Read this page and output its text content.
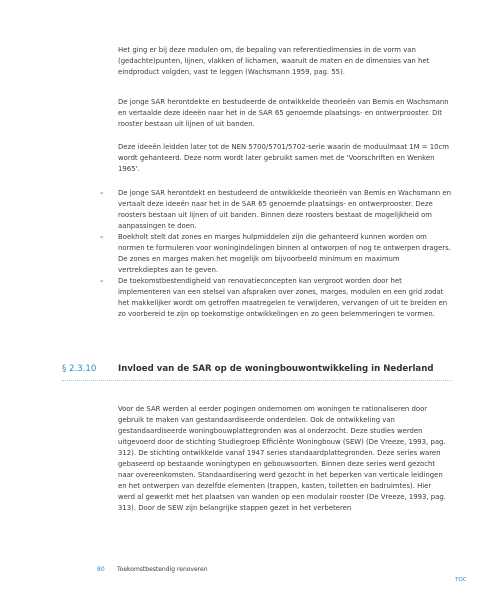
Het ging er bij deze modulen om, de bepaling van referentiedimensies in de vorm van (gedachte)punten, lijnen, vlakken of lichamen, waaruit de maten en de dimensies van het eindproduct volgden, vast te leggen (Wachsmann 1959, pag. 55).

De jonge SAR herontdekte en bestudeerde de ontwikkelde theorieën van Bemis en Wachsmann en vertaalde deze ideeën naar het in de SAR 65 genoemde plaatsings- en ontwerprooster. Dit rooster bestaan uit lijnen of uit banden.

Deze ideeën leidden later tot de NEN 5700/5701/5702-serie waarin de moduulmaat 1M = 10cm wordt gehanteerd. Deze norm wordt later gebruikt samen met de 'Voorschriften en Wenken 1965'.

– De jonge SAR herontdekt en bestudeerd de ontwikkelde theorieën van Bemis en Wachsmann en vertaalt deze ideeën naar het in de SAR 65 genoemde plaatsings- en ontwerprooster. Deze roosters bestaan uit lijnen of uit banden. Binnen deze roosters bestaat de mogelijkheid om aanpassingen te doen.
– Boekholt stelt dat zones en marges hulpmiddelen zijn die gehanteerd kunnen worden om normen te formuleren voor woningindelingen binnen al ontworpen of nog te ontwerpen dragers. De zones en marges maken het mogelijk om bijvoorbeeld minimum en maximum vertrekdieptes aan te geven.
– De toekomstbestendigheid van renovatieconcepten kan vergroot worden door het implementeren van een stelsel van afspraken over zones, marges, modulen en een grid zodat het makkelijker wordt om getroffen maatregelen te verwijderen, vervangen of uit te breiden en zo voorbereid te zijn op toekomstige ontwikkelingen en zo geen belemmeringen te vormen.
§ 2.3.10	Invloed van de SAR op de woningbouwontwikkeling in Nederland

Voor de SAR werden al eerder pogingen ondernomen om woningen te rationaliseren door gebruik te maken van gestandaardiseerde onderdelen. Ook de ontwikkeling van gestandaardiseerde woningbouwplattegronden was al onderzocht. Deze studies werden uitgevoerd door de stichting Studiegroep Efficiënte Woningbouw (SEW) (De Vreeze, 1993, pag. 312). De stichting ontwikkelde vanaf 1947 series standaardplattegronden. Deze series waren gebaseerd op bestaande woningtypen en gebouwsoorten. Binnen deze series werd gezocht naar overeenkomsten. Standaardisering werd gezocht in het beperken van verticale leidingen en het ontwerpen van dezelfde elementen (trappen, kasten, toiletten en badruimtes). Hier werd al gewerkt met het plaatsen van wanden op een modulair rooster (De Vreeze, 1993, pag. 313). Door de SEW zijn belangrijke stappen gezet in het verbeteren

80 Toekomstbestendig renoveren
TOC
